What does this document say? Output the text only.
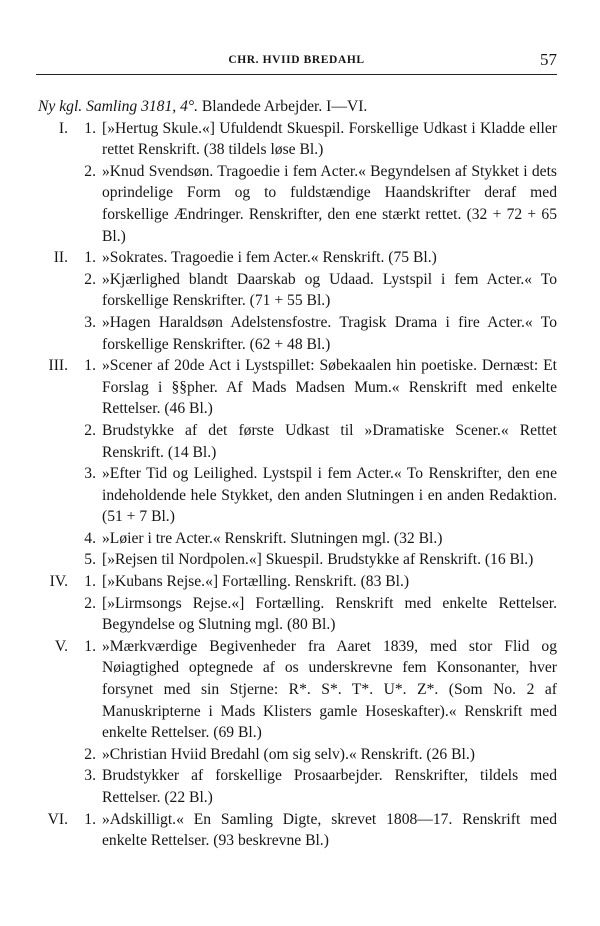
CHR. HVIID BREDAHL	57
Ny kgl. Samling 3181, 4°. Blandede Arbejder. I—VI.
I.	1. [»Hertug Skule.«] Ufuldendt Skuespil. Forskellige Udkast i Kladde eller rettet Renskrift. (38 tildels løse Bl.)
2. »Knud Svendsøn. Tragoedie i fem Acter.« Begyndelsen af Stykket i dets oprindelige Form og to fuldstændige Haandskrifter deraf med forskellige Ændringer. Renskrifter, den ene stærkt rettet. (32 + 72 + 65 Bl.)
II.	1. »Sokrates. Tragoedie i fem Acter.« Renskrift. (75 Bl.)
2. »Kjærlighed blandt Daarskab og Udaad. Lystspil i fem Acter.« To forskellige Renskrifter. (71 + 55 Bl.)
3. »Hagen Haraldsøn Adelstensfostre. Tragisk Drama i fire Acter.« To forskellige Renskrifter. (62 + 48 Bl.)
III.	1. »Scener af 20de Act i Lystspillet: Søbekaalen hin poetiske. Dernæst: Et Forslag i §§pher. Af Mads Madsen Mum.« Renskrift med enkelte Rettelser. (46 Bl.)
2. Brudstykke af det første Udkast til »Dramatiske Scener.« Rettet Renskrift. (14 Bl.)
3. »Efter Tid og Leilighed. Lystspil i fem Acter.« To Renskrifter, den ene indeholdende hele Stykket, den anden Slutningen i en anden Redaktion. (51 + 7 Bl.)
4. »Løier i tre Acter.« Renskrift. Slutningen mgl. (32 Bl.)
5. [»Rejsen til Nordpolen.«] Skuespil. Brudstykke af Renskrift. (16 Bl.)
IV.	1. [»Kubans Rejse.«] Fortælling. Renskrift. (83 Bl.)
2. [»Lirmsongs Rejse.«] Fortælling. Renskrift med enkelte Rettelser. Begyndelse og Slutning mgl. (80 Bl.)
V.	1. »Mærkværdige Begivenheder fra Aaret 1839, med stor Flid og Nøiagtighed optegnede af os underskrevne fem Konsonanter, hver forsynet med sin Stjerne: R*. S*. T*. U*. Z*. (Som No. 2 af Manuskripterne i Mads Klisters gamle Hoseskafter).« Renskrift med enkelte Rettelser. (69 Bl.)
2. »Christian Hviid Bredahl (om sig selv).« Renskrift. (26 Bl.)
3. Brudstykker af forskellige Prosaarbejder. Renskrifter, tildels med Rettelser. (22 Bl.)
VI.	1. »Adskilligt.« En Samling Digte, skrevet 1808—17. Renskrift med enkelte Rettelser. (93 beskrevne Bl.)
